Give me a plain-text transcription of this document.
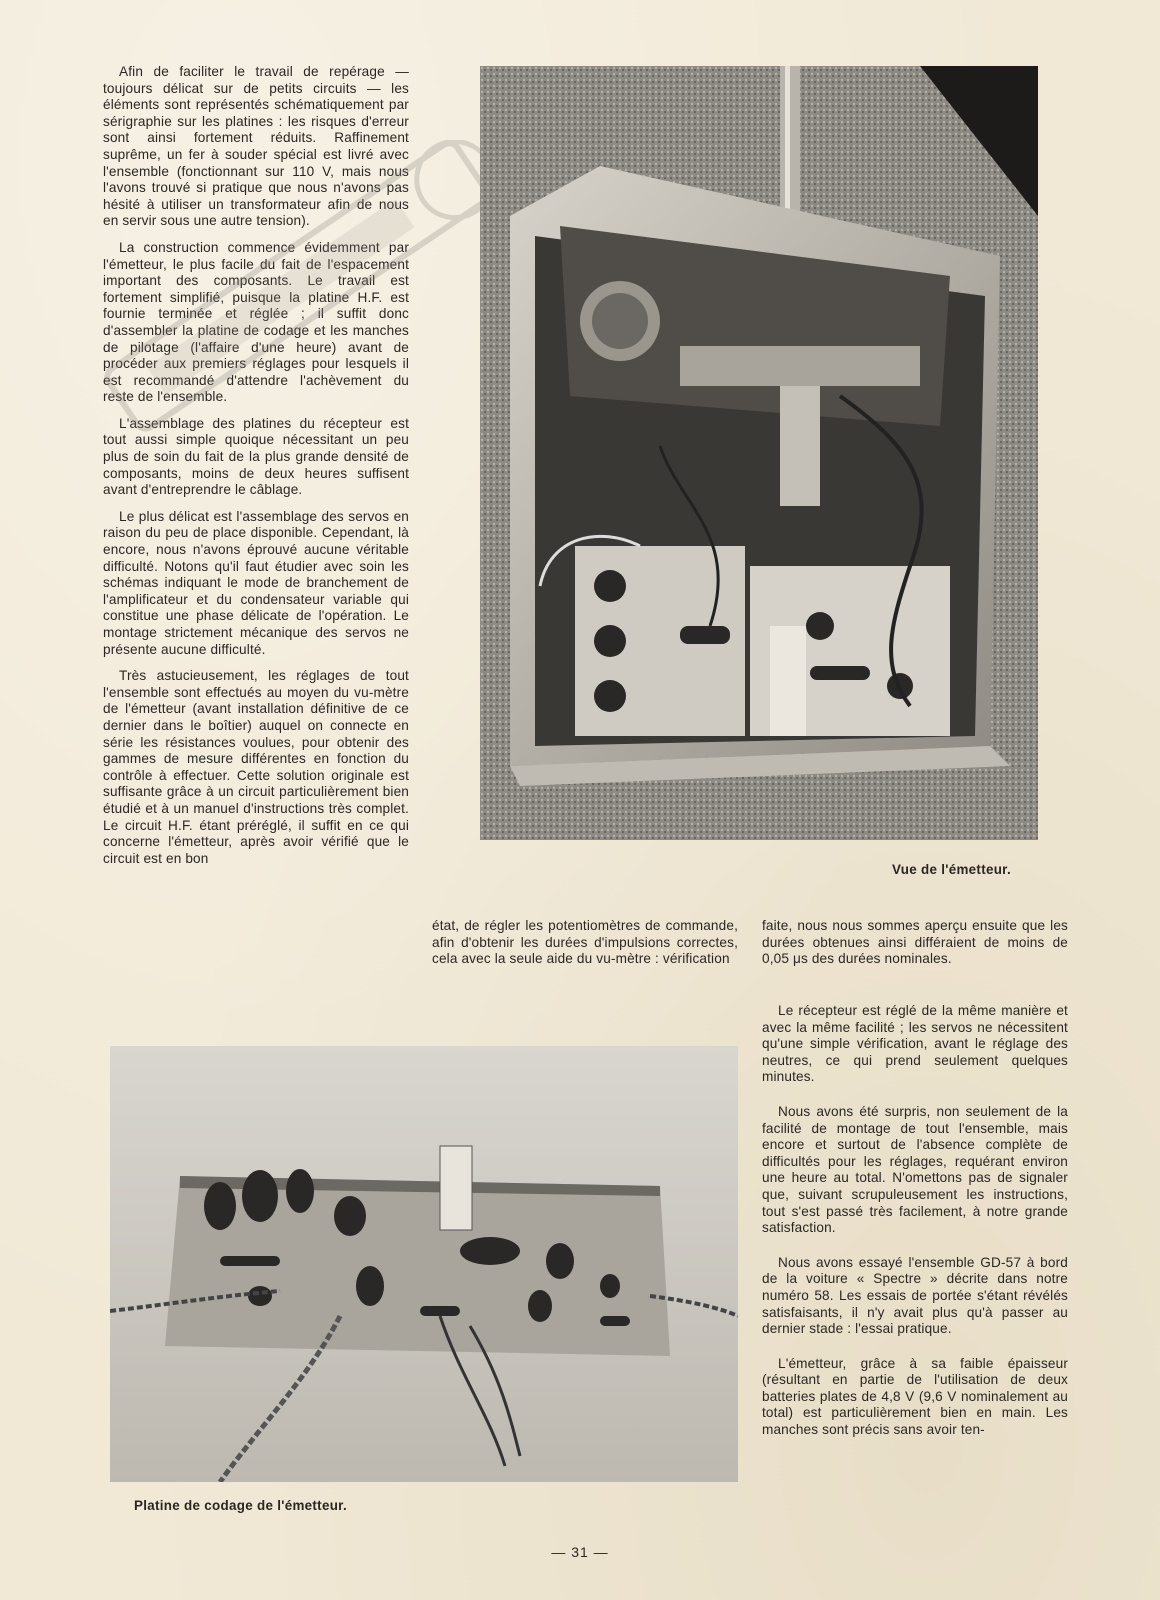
Afin de faciliter le travail de repérage — toujours délicat sur de petits circuits — les éléments sont représentés schématiquement par sérigraphie sur les platines : les risques d'erreur sont ainsi fortement réduits. Raffinement suprême, un fer à souder spécial est livré avec l'ensemble (fonctionnant sur 110 V, mais nous l'avons trouvé si pratique que nous n'avons pas hésité à utiliser un transformateur afin de nous en servir sous une autre tension).

La construction commence évidemment par l'émetteur, le plus facile du fait de l'espacement important des composants. Le travail est fortement simplifié, puisque la platine H.F. est fournie terminée et réglée ; il suffit donc d'assembler la platine de codage et les manches de pilotage (l'affaire d'une heure) avant de procéder aux premiers réglages pour lesquels il est recommandé d'attendre l'achèvement du reste de l'ensemble.

L'assemblage des platines du récepteur est tout aussi simple quoique nécessitant un peu plus de soin du fait de la plus grande densité de composants, moins de deux heures suffisent avant d'entreprendre le câblage.

Le plus délicat est l'assemblage des servos en raison du peu de place disponible. Cependant, là encore, nous n'avons éprouvé aucune véritable difficulté. Notons qu'il faut étudier avec soin les schémas indiquant le mode de branchement de l'amplificateur et du condensateur variable qui constitue une phase délicate de l'opération. Le montage strictement mécanique des servos ne présente aucune difficulté.

Très astucieusement, les réglages de tout l'ensemble sont effectués au moyen du vu-mètre de l'émetteur (avant installation définitive de ce dernier dans le boîtier) auquel on connecte en série les résistances voulues, pour obtenir des gammes de mesure différentes en fonction du contrôle à effectuer. Cette solution originale est suffisante grâce à un circuit particulièrement bien étudié et à un manuel d'instructions très complet. Le circuit H.F. étant préréglé, il suffit en ce qui concerne l'émetteur, après avoir vérifié que le circuit est en bon

Vue de l'émetteur.

état, de régler les potentiomètres de commande, afin d'obtenir les durées d'impulsions correctes, cela avec la seule aide du vu-mètre : vérification

faite, nous nous sommes aperçu ensuite que les durées obtenues ainsi différaient de moins de 0,05 μs des durées nominales.

Le récepteur est réglé de la même manière et avec la même facilité ; les servos ne nécessitent qu'une simple vérification, avant le réglage des neutres, ce qui prend seulement quelques minutes.

Nous avons été surpris, non seulement de la facilité de montage de tout l'ensemble, mais encore et surtout de l'absence complète de difficultés pour les réglages, requérant environ une heure au total. N'omettons pas de signaler que, suivant scrupuleusement les instructions, tout s'est passé très facilement, à notre grande satisfaction.

Nous avons essayé l'ensemble GD-57 à bord de la voiture « Spectre » décrite dans notre numéro 58. Les essais de portée s'étant révélés satisfaisants, il n'y avait plus qu'à passer au dernier stade : l'essai pratique.

L'émetteur, grâce à sa faible épaisseur (résultant en partie de l'utilisation de deux batteries plates de 4,8 V (9,6 V nominalement au total) est particulièrement bien en main. Les manches sont précis sans avoir ten-

Platine de codage de l'émetteur.
— 31 —
